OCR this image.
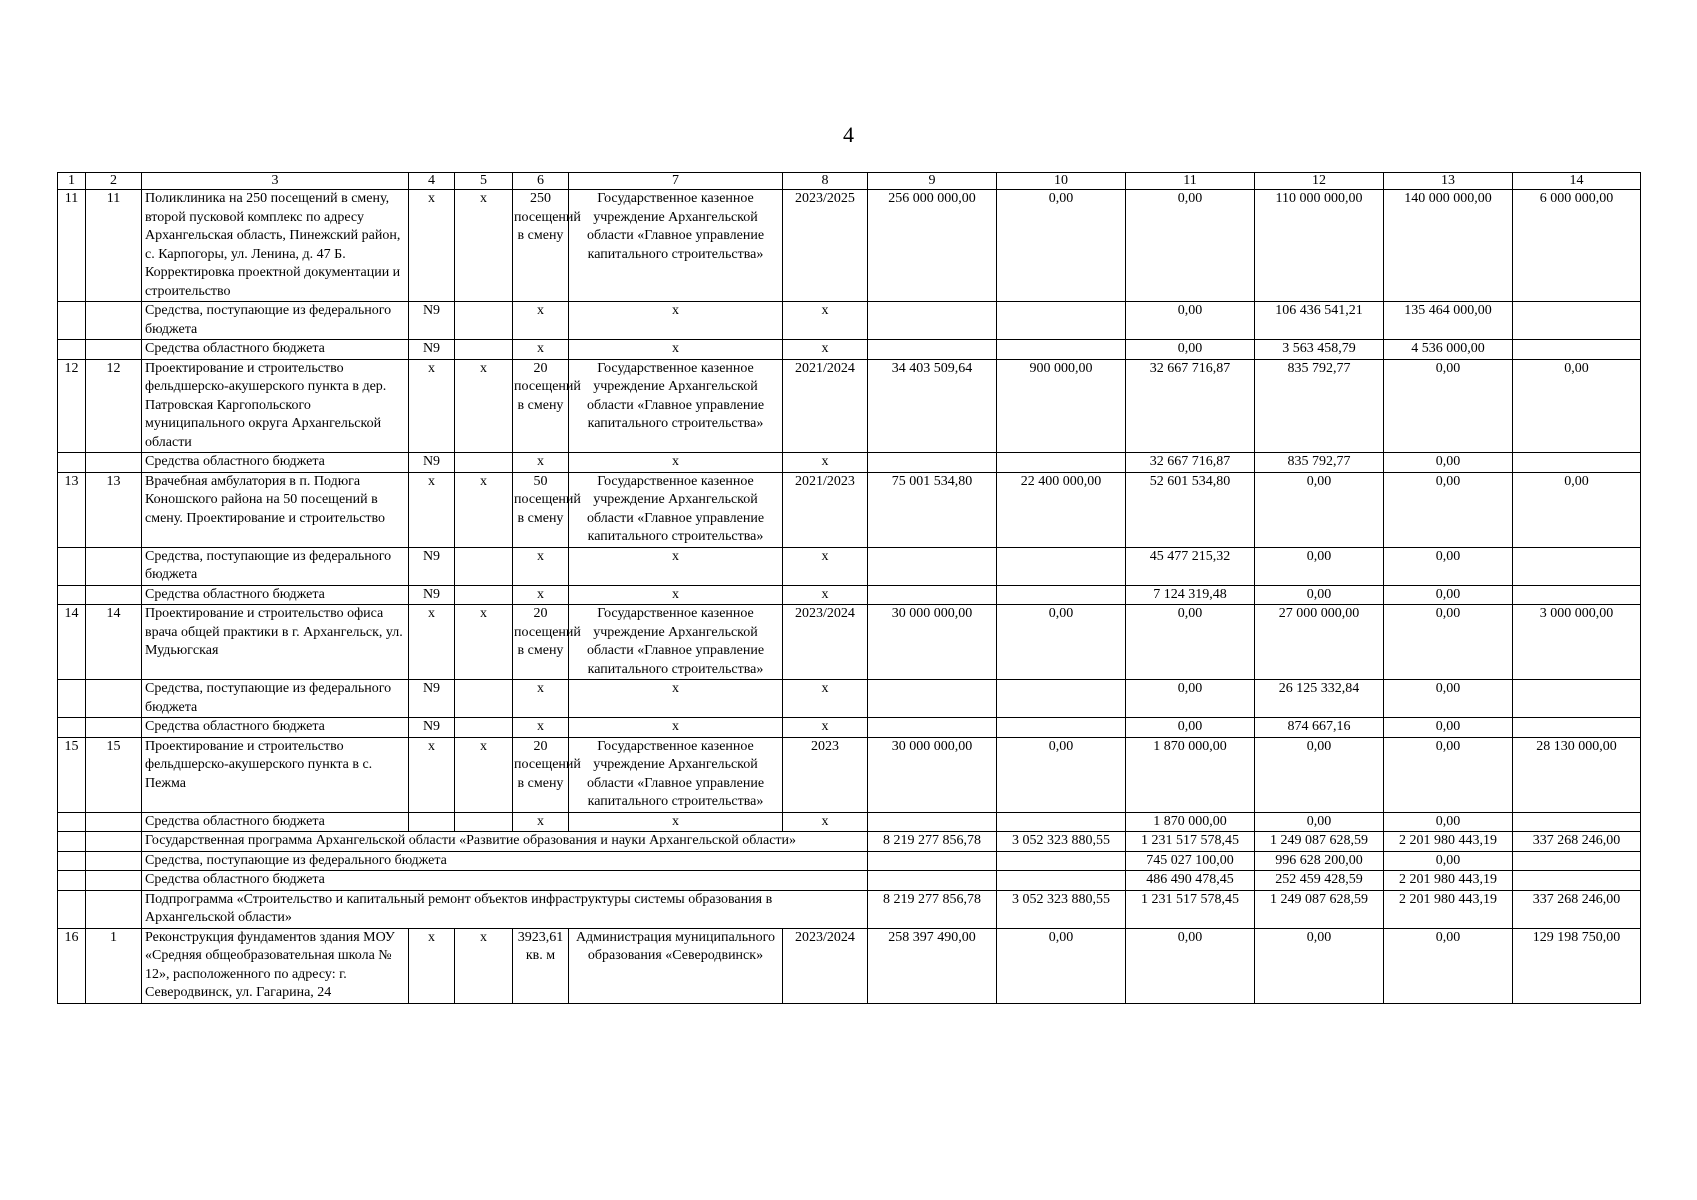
4
1	2	3	4	5	6	7	8	9	10	11	12	13	14
11	11	Поликлиника на 250 посещений в смену, второй пусковой комплекс по адресу Архангельская область, Пинежский район, с. Карпогоры, ул. Ленина, д. 47 Б. Корректировка проектной документации и строительство	х	х	250 посещений в смену	Государственное казенное учреждение Архангельской области «Главное управление капитального строительства»	2023/2025	256 000 000,00	0,00	0,00	110 000 000,00	140 000 000,00	6 000 000,00
		Средства, поступающие из федерального бюджета	N9		х	х	х			0,00	106 436 541,21	135 464 000,00	
		Средства областного бюджета	N9		х	х	х			0,00	3 563 458,79	4 536 000,00	
12	12	Проектирование и строительство фельдшерско-акушерского пункта в дер. Патровская Каргопольского муниципального округа Архангельской области	х	х	20 посещений в смену	Государственное казенное учреждение Архангельской области «Главное управление капитального строительства»	2021/2024	34 403 509,64	900 000,00	32 667 716,87	835 792,77	0,00	0,00
		Средства областного бюджета	N9		х	х	х			32 667 716,87	835 792,77	0,00	
13	13	Врачебная амбулатория в п. Подюга Коношского района на 50 посещений в смену. Проектирование и строительство	х	х	50 посещений в смену	Государственное казенное учреждение Архангельской области «Главное управление капитального строительства»	2021/2023	75 001 534,80	22 400 000,00	52 601 534,80	0,00	0,00	0,00
		Средства, поступающие из федерального бюджета	N9		х	х	х			45 477 215,32	0,00	0,00	
		Средства областного бюджета	N9		х	х	х			7 124 319,48	0,00	0,00	
14	14	Проектирование и строительство офиса врача общей практики в г. Архангельск, ул. Мудьюгская	х	х	20 посещений в смену	Государственное казенное учреждение Архангельской области «Главное управление капитального строительства»	2023/2024	30 000 000,00	0,00	0,00	27 000 000,00	0,00	3 000 000,00
		Средства, поступающие из федерального бюджета	N9		х	х	х			0,00	26 125 332,84	0,00	
		Средства областного бюджета	N9		х	х	х			0,00	874 667,16	0,00	
15	15	Проектирование и строительство фельдшерско-акушерского пункта в с. Пежма	х	х	20 посещений в смену	Государственное казенное учреждение Архангельской области «Главное управление капитального строительства»	2023	30 000 000,00	0,00	1 870 000,00	0,00	0,00	28 130 000,00
		Средства областного бюджета			х	х	х			1 870 000,00	0,00	0,00	
		Государственная программа Архангельской области «Развитие образования и науки Архангельской области»						8 219 277 856,78	3 052 323 880,55	1 231 517 578,45	1 249 087 628,59	2 201 980 443,19	337 268 246,00
		Средства, поступающие из федерального бюджета								745 027 100,00	996 628 200,00	0,00	
		Средства областного бюджета								486 490 478,45	252 459 428,59	2 201 980 443,19	
		Подпрограмма «Строительство и капитальный ремонт объектов инфраструктуры системы образования в Архангельской области»						8 219 277 856,78	3 052 323 880,55	1 231 517 578,45	1 249 087 628,59	2 201 980 443,19	337 268 246,00
16	1	Реконструкция фундаментов здания МОУ «Средняя общеобразовательная школа № 12», расположенного по адресу: г. Северодвинск, ул. Гагарина, 24	х	х	3923,61 кв. м	Администрация муниципального образования «Северодвинск»	2023/2024	258 397 490,00	0,00	0,00	0,00	0,00	129 198 750,00
